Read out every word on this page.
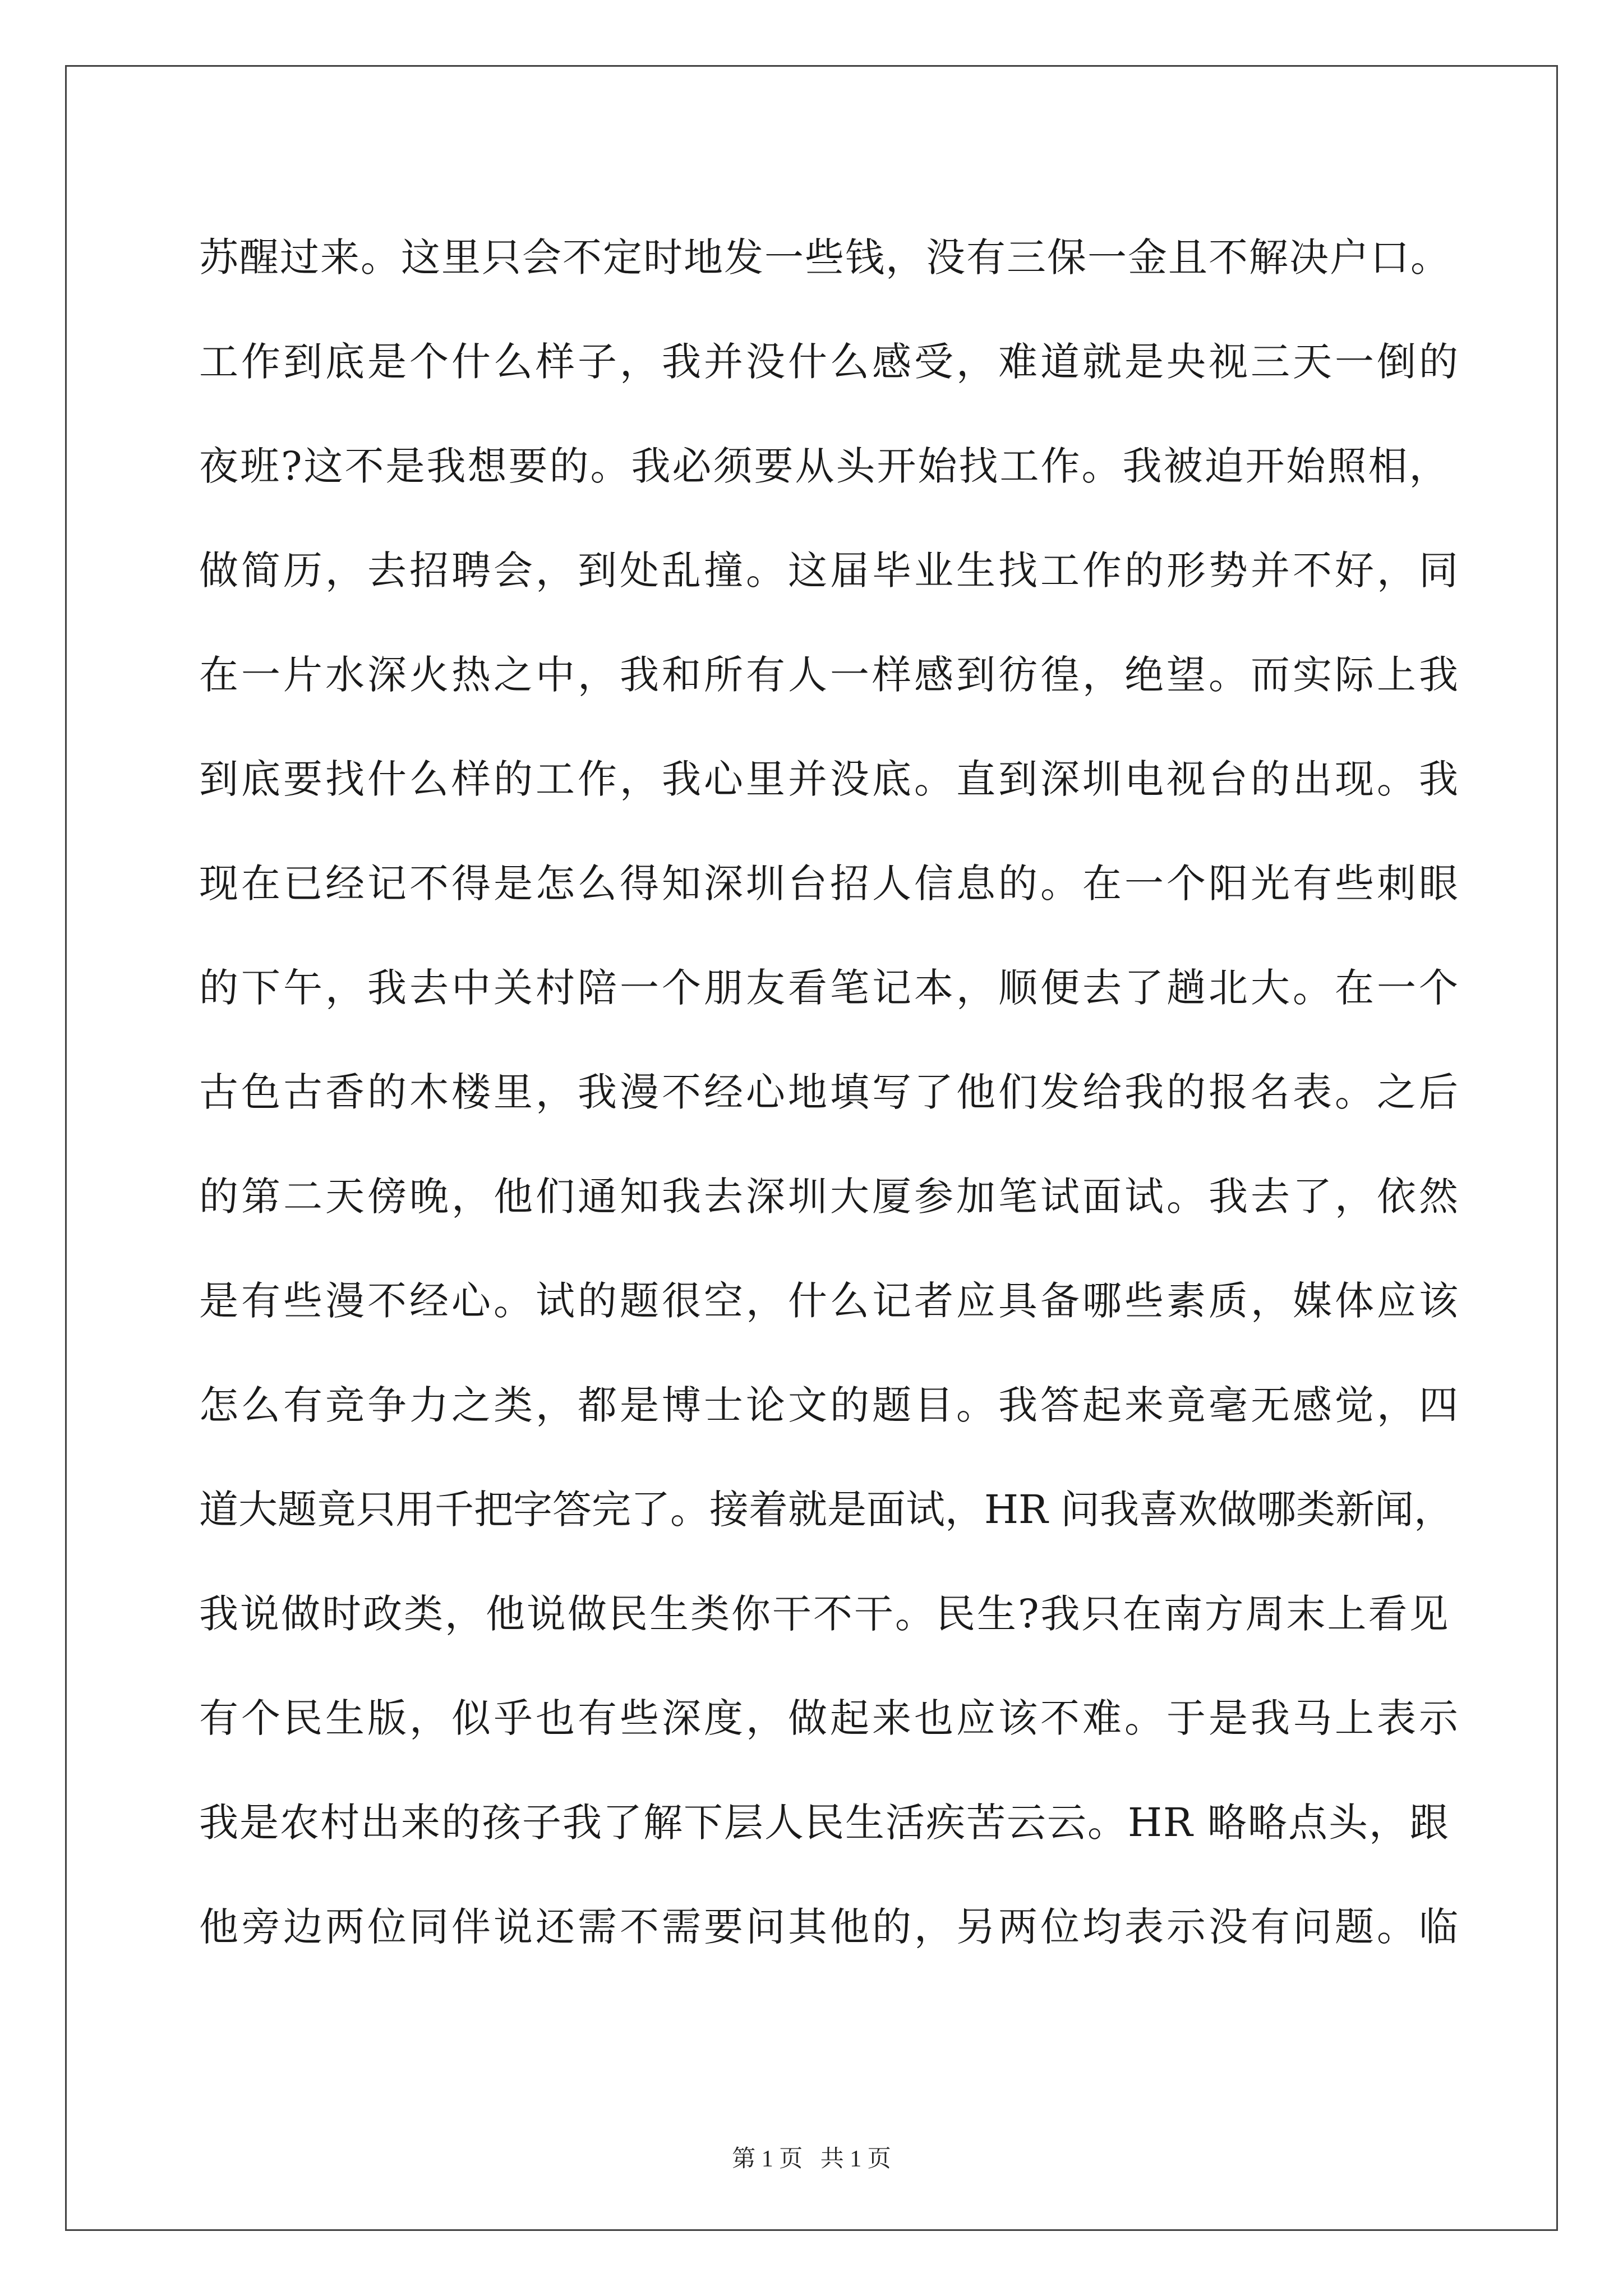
苏醒过来。这里只会不定时地发一些钱，没有三保一金且不解决户口。
工作到底是个什么样子，我并没什么感受，难道就是央视三天一倒的
夜班?这不是我想要的。我必须要从头开始找工作。我被迫开始照相，
做简历，去招聘会，到处乱撞。这届毕业生找工作的形势并不好，同
在一片水深火热之中，我和所有人一样感到彷徨，绝望。而实际上我
到底要找什么样的工作，我心里并没底。直到深圳电视台的出现。我
现在已经记不得是怎么得知深圳台招人信息的。在一个阳光有些刺眼
的下午，我去中关村陪一个朋友看笔记本，顺便去了趟北大。在一个
古色古香的木楼里，我漫不经心地填写了他们发给我的报名表。之后
的第二天傍晚，他们通知我去深圳大厦参加笔试面试。我去了，依然
是有些漫不经心。试的题很空，什么记者应具备哪些素质，媒体应该
怎么有竞争力之类，都是博士论文的题目。我答起来竟毫无感觉，四
道大题竟只用千把字答完了。接着就是面试，HR 问我喜欢做哪类新闻，
我说做时政类，他说做民生类你干不干。民生?我只在南方周末上看见
有个民生版，似乎也有些深度，做起来也应该不难。于是我马上表示
我是农村出来的孩子我了解下层人民生活疾苦云云。HR 略略点头，跟
他旁边两位同伴说还需不需要问其他的，另两位均表示没有问题。临
第 1 页   共 1 页
